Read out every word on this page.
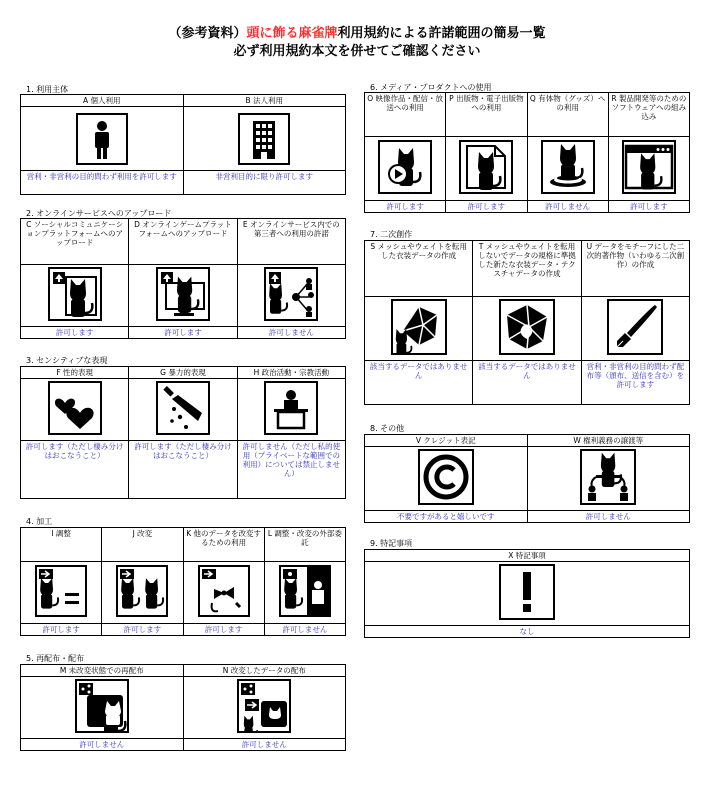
（参考資料）頭に飾る麻雀牌利用規約による許諾範囲の簡易一覧
必ず利用規約本文を併せてご確認ください
1. 利用主体
A 個人利用	B 法人利用

営利・非営利の目的問わず利用を許可します	非営利目的に限り許可します
2. オンラインサービスへのアップロード
C ソーシャルコミュニケーションプラットフォームへのアップロード	D オンラインゲームプラットフォームへのアップロード	E オンラインサービス内での第三者への利用の許諾

許可します	許可します	許可しません
3. センシティブな表現
F 性的表現	G 暴力的表現	H 政治活動・宗教活動

許可します（ただし棲み分けはおこなうこと）	許可します（ただし棲み分けはおこなうこと）	許可しません（ただし私的使用（プライベートな範囲での利用）については禁止しません）
4. 加工
I 調整	J 改変	K 他のデータを改変するための利用	L 調整・改変の外部委託

許可します	許可します	許可します	許可しません
5. 再配布・配布
M 未改変状態での再配布	N 改変したデータの配布

許可しません	許可しません
6. メディア・プロダクトへの使用
O 映像作品・配信・放送への利用	P 出版物・電子出版物への利用	Q 有体物（グッズ）への利用	R 製品開発等のためのソフトウェアへの組み込み

許可します	許可します	許可しません	許可します
7. 二次創作
S メッシュやウェイトを転用した衣装データの作成	T メッシュやウェイトを転用しないでデータの規格に準拠した新たな衣装データ・テクスチャデータの作成	U データをモチーフにした二次的著作物（いわゆる二次創作）の作成

該当するデータではありません	該当するデータではありません	営利・非営利の目的問わず配布等（頒布、送信を含む）を許可します
8. その他
V クレジット表記	W 権利義務の譲渡等

不要ですがあると嬉しいです	許可しません
9. 特記事項
X 特記事項

なし
